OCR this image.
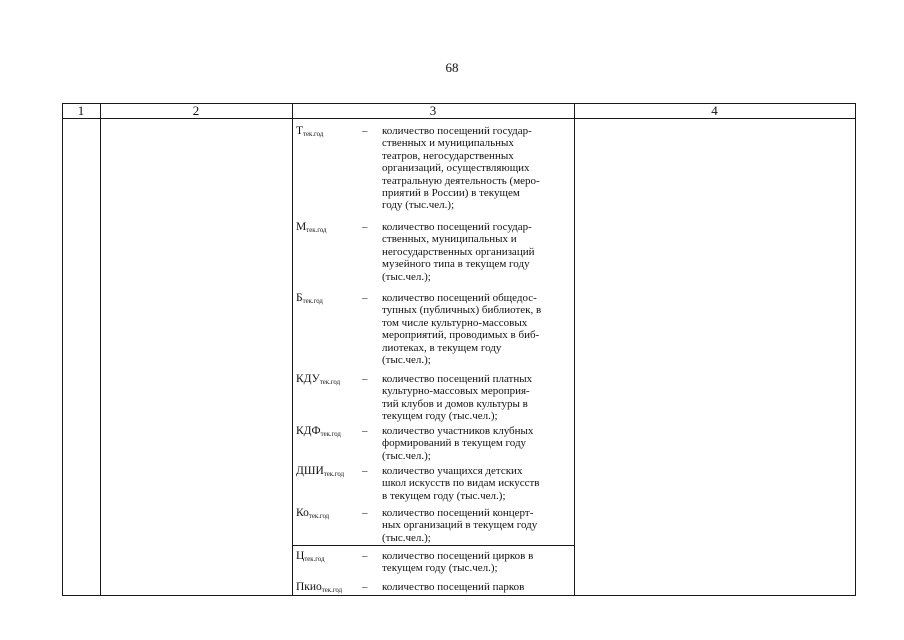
68
1	2	3	4
$Т_{тек.год}$	– количество посещений государ-
ственных и муниципальных
театров, негосударственных
организаций, осуществляющих
театральную деятельность (меро-
приятий в России) в текущем
году (тыс.чел.);
$М_{тек.год}$	– количество посещений государ-
ственных, муниципальных и
негосударственных организаций
музейного типа в текущем году
(тыс.чел.);
$Б_{тек.год}$	– количество посещений общедос-
тупных (публичных) библиотек, в
том числе культурно-массовых
мероприятий, проводимых в биб-
лиотеках, в текущем году
(тыс.чел.);
$КДУ_{тек.год}$ – количество посещений платных
культурно-массовых мероприя-
тий клубов и домов культуры в
текущем году (тыс.чел.);
$КДФ_{тек.год}$ – количество участников клубных
формирований в текущем году
(тыс.чел.);
$ДШИ_{тек.год}$ – количество учащихся детских
школ искусств по видам искусств
в текущем году (тыс.чел.);
$Ко_{тек.год}$	– количество посещений концерт-
ных организаций в текущем году
(тыс.чел.);
$Ц_{тек.год}$	– количество посещений цирков в
текущем году (тыс.чел.);
Пкио$_{тек.год}$ – количество посещений парков
